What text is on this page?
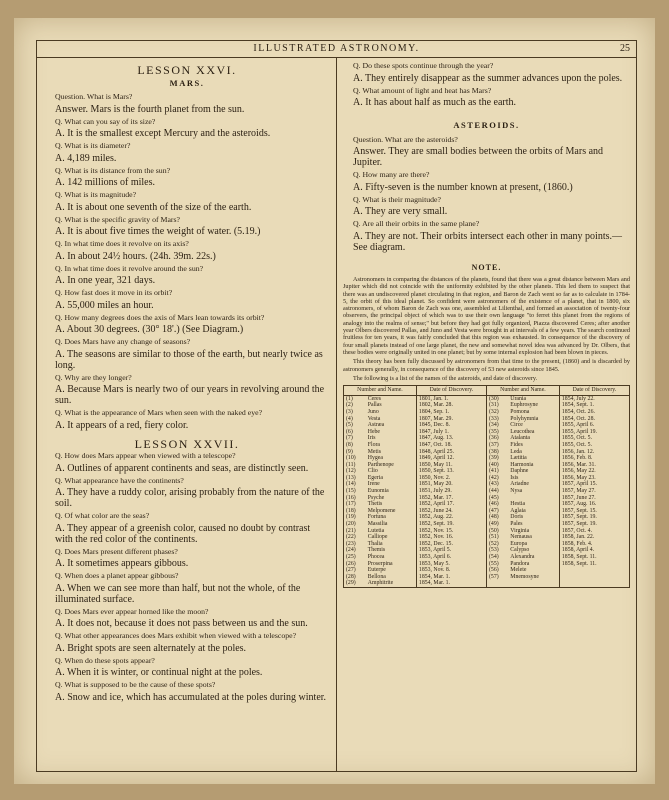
ILLUSTRATED ASTRONOMY.	25
LESSON XXVI.
MARS.
Question. What is Mars?
Answer. Mars is the fourth planet from the sun.
Q. What can you say of its size?
A. It is the smallest except Mercury and the asteroids.
Q. What is its diameter?
A. 4,189 miles.
Q. What is its distance from the sun?
A. 142 millions of miles.
Q. What is its magnitude?
A. It is about one seventh of the size of the earth.
Q. What is the specific gravity of Mars?
A. It is about five times the weight of water. (5.19.)
Q. In what time does it revolve on its axis?
A. In about 24½ hours. (24h. 39m. 22s.)
Q. In what time does it revolve around the sun?
A. In one year, 321 days.
Q. How fast does it move in its orbit?
A. 55,000 miles an hour.
Q. How many degrees does the axis of Mars lean towards its orbit?
A. About 30 degrees. (30° 18'.) (See Diagram.)
Q. Does Mars have any change of seasons?
A. The seasons are similar to those of the earth, but nearly twice as long.
Q. Why are they longer?
A. Because Mars is nearly two of our years in revolving around the sun.
Q. What is the appearance of Mars when seen with the naked eye?
A. It appears of a red, fiery color.
LESSON XXVII.
Q. How does Mars appear when viewed with a telescope?
A. Outlines of apparent continents and seas, are distinctly seen.
Q. What appearance have the continents?
A. They have a ruddy color, arising probably from the nature of the soil.
Q. Of what color are the seas?
A. They appear of a greenish color, caused no doubt by contrast with the red color of the continents.
Q. Does Mars present different phases?
A. It sometimes appears gibbous.
Q. When does a planet appear gibbous?
A. When we can see more than half, but not the whole, of the illuminated surface.
Q. Does Mars ever appear horned like the moon?
A. It does not, because it does not pass between us and the sun.
Q. What other appearances does Mars exhibit when viewed with a telescope?
A. Bright spots are seen alternately at the poles.
Q. When do these spots appear?
A. When it is winter, or continual night at the poles.
Q. What is supposed to be the cause of these spots?
A. Snow and ice, which has accumulated at the poles during winter.
Q. Do these spots continue through the year?
A. They entirely disappear as the summer advances upon the poles.
Q. What amount of light and heat has Mars?
A. It has about half as much as the earth.
ASTEROIDS.
Question. What are the asteroids?
Answer. They are small bodies between the orbits of Mars and Jupiter.
Q. How many are there?
A. Fifty-seven is the number known at present, (1860.)
Q. What is their magnitude?
A. They are very small.
Q. Are all their orbits in the same plane?
A. They are not. Their orbits intersect each other in many points.—See diagram.
NOTE.

Astronomers in comparing the distances of the planets, found that there was a great distance between Mars and Jupiter which did not coincide with the uniformity exhibited by the other planets. This led them to suspect that there was an undiscovered planet circulating in that region, and Baron de Zach went so far as to calculate in 1784-5, the orbit of this ideal planet. So confident were astronomers of the existence of a planet, that in 1800, six astronomers, of whom Baron de Zach was one, assembled at Lilienthal, and formed an association of twenty-four observers, the principal object of which was to use their own language "to ferret this planet from the regions of analogy into the realms of sense;" but before they had got fully organized, Piazza discovered Ceres; after another year Olbers discovered Pallas, and Juno and Vesta were brought in at intervals of a few years. The search continued fruitless for ten years, it was fairly concluded that this region was exhausted. In consequence of the discovery of four small planets instead of one large planet, the new and somewhat novel idea was advanced by Dr. Olbers, that these bodies were originally united in one planet; but by some internal explosion had been blown in pieces.

This theory has been fully discussed by astronomers from that time to the present, (1860) and is discarded by astronomers generally, in consequence of the discovery of 53 new asteroids since 1845.

The following is a list of the names of the asteroids, and date of discovery.

Number and Name.		Date of Discovery.	Number and Name.		Date of Discovery.
(1)	Ceres	1801, Jan. 1.	(30)	Urania	1854, July 22.
(2)	Pallas	1802, Mar. 28.	(31)	Euphrosyne	1854, Sept. 1.
(3)	Juno	1804, Sep. 1.	(32)	Pomona	1854, Oct. 26.
(4)	Vesta	1807, Mar. 29.	(33)	Polyhymnia	1854, Oct. 28.
(5)	Astræa	1845, Dec. 8.	(34)	Circe	1855, April 6.
(6)	Hebe	1847, July 1.	(35)	Leucothea	1855, April 19.
(7)	Iris	1847, Aug. 13.	(36)	Atalanta	1855, Oct. 5.
(8)	Flora	1847, Oct. 18.	(37)	Fides	1855, Oct. 5.
(9)	Metis	1848, April 25.	(38)	Leda	1856, Jan. 12.
(10)	Hygea	1849, April 12.	(39)	Lætitia	1856, Feb. 8.
(11)	Parthenope	1850, May 11.	(40)	Harmonia	1856, Mar. 31.
(12)	Clio	1850, Sept. 13.	(41)	Daphne	1856, May 22.
(13)	Egeria	1850, Nov. 2.	(42)	Isis	1856, May 23.
(14)	Irene	1851, May 20.	(43)	Ariadne	1857, April 15.
(15)	Eunomia	1851, July 29.	(44)	Nysa	1857, May 27.
(16)	Psyche	1852, Mar. 17.	(45)		1857, June 27.
(17)	Thetis	1852, April 17.	(46)	Hestia	1857, Aug. 16.
(18)	Melpomene	1852, June 24.	(47)	Aglaia	1857, Sept. 15.
(19)	Fortuna	1852, Aug. 22.	(48)	Doris	1857, Sept. 19.
(20)	Massilia	1852, Sept. 19.	(49)	Pales	1857, Sept. 19.
(21)	Lutetia	1852, Nov. 15.	(50)	Virginia	1857, Oct. 4.
(22)	Calliope	1852, Nov. 16.	(51)	Nemausa	1858, Jan. 22.
(23)	Thalia	1852, Dec. 15.	(52)	Europa	1858, Feb. 4.
(24)	Themis	1853, April 5.	(53)	Calypso	1858, April 4.
(25)	Phocea	1853, April 6.	(54)	Alexandra	1858, Sept. 11.
(26)	Proserpina	1853, May 5.	(55)	Pandora	1858, Sept. 11.
(27)	Euterpe	1853, Nov. 8.	(56)	Melete	
(28)	Bellona	1854, Mar. 1.	(57)	Mnemosyne	
(29)	Amphitrite	1854, Mar. 1.			
